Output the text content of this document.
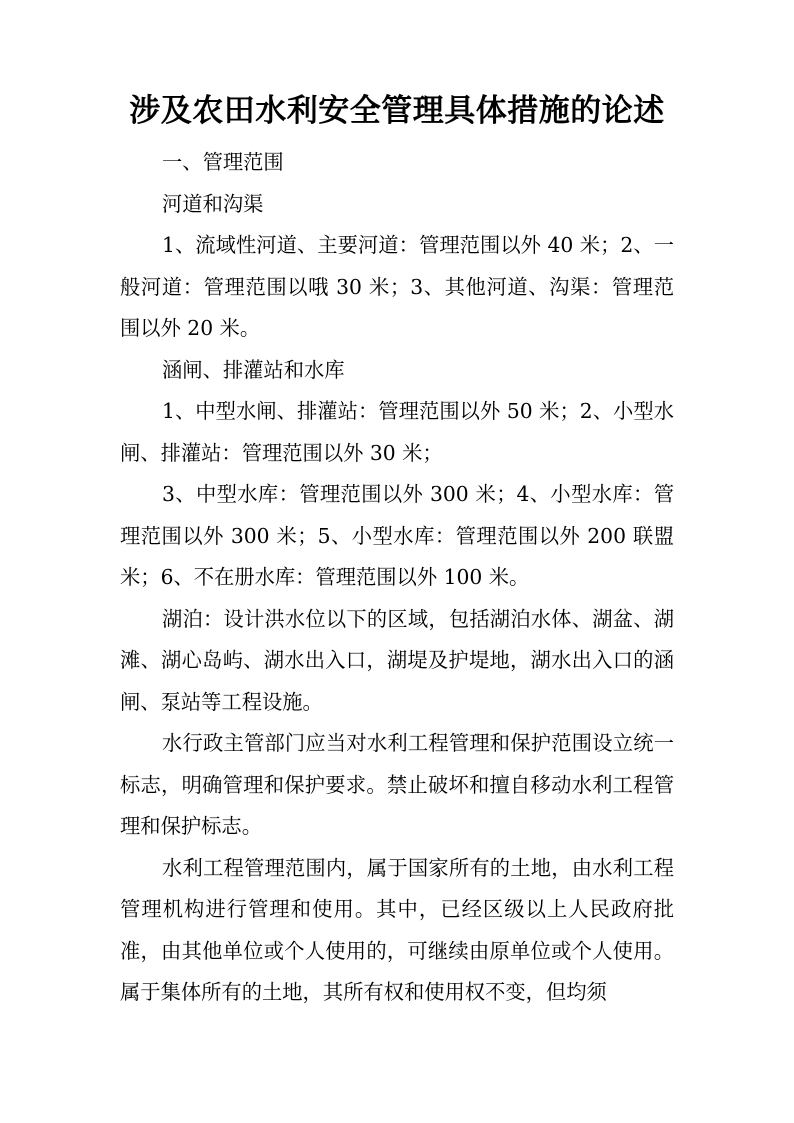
涉及农田水利安全管理具体措施的论述

一、管理范围

河道和沟渠

1、流域性河道、主要河道：管理范围以外 40 米；2、一般河道：管理范围以哦 30 米；3、其他河道、沟渠：管理范围以外 20 米。

涵闸、排灌站和水库

1、中型水闸、排灌站：管理范围以外 50 米；2、小型水闸、排灌站：管理范围以外 30 米；

3、中型水库：管理范围以外 300 米；4、小型水库：管理范围以外 300 米；5、小型水库：管理范围以外 200 联盟米；6、不在册水库：管理范围以外 100 米。

湖泊：设计洪水位以下的区域，包括湖泊水体、湖盆、湖滩、湖心岛屿、湖水出入口，湖堤及护堤地，湖水出入口的涵闸、泵站等工程设施。

水行政主管部门应当对水利工程管理和保护范围设立统一标志，明确管理和保护要求。禁止破坏和擅自移动水利工程管理和保护标志。

水利工程管理范围内，属于国家所有的土地，由水利工程管理机构进行管理和使用。其中，已经区级以上人民政府批准，由其他单位或个人使用的，可继续由原单位或个人使用。属于集体所有的土地，其所有权和使用权不变，但均须
